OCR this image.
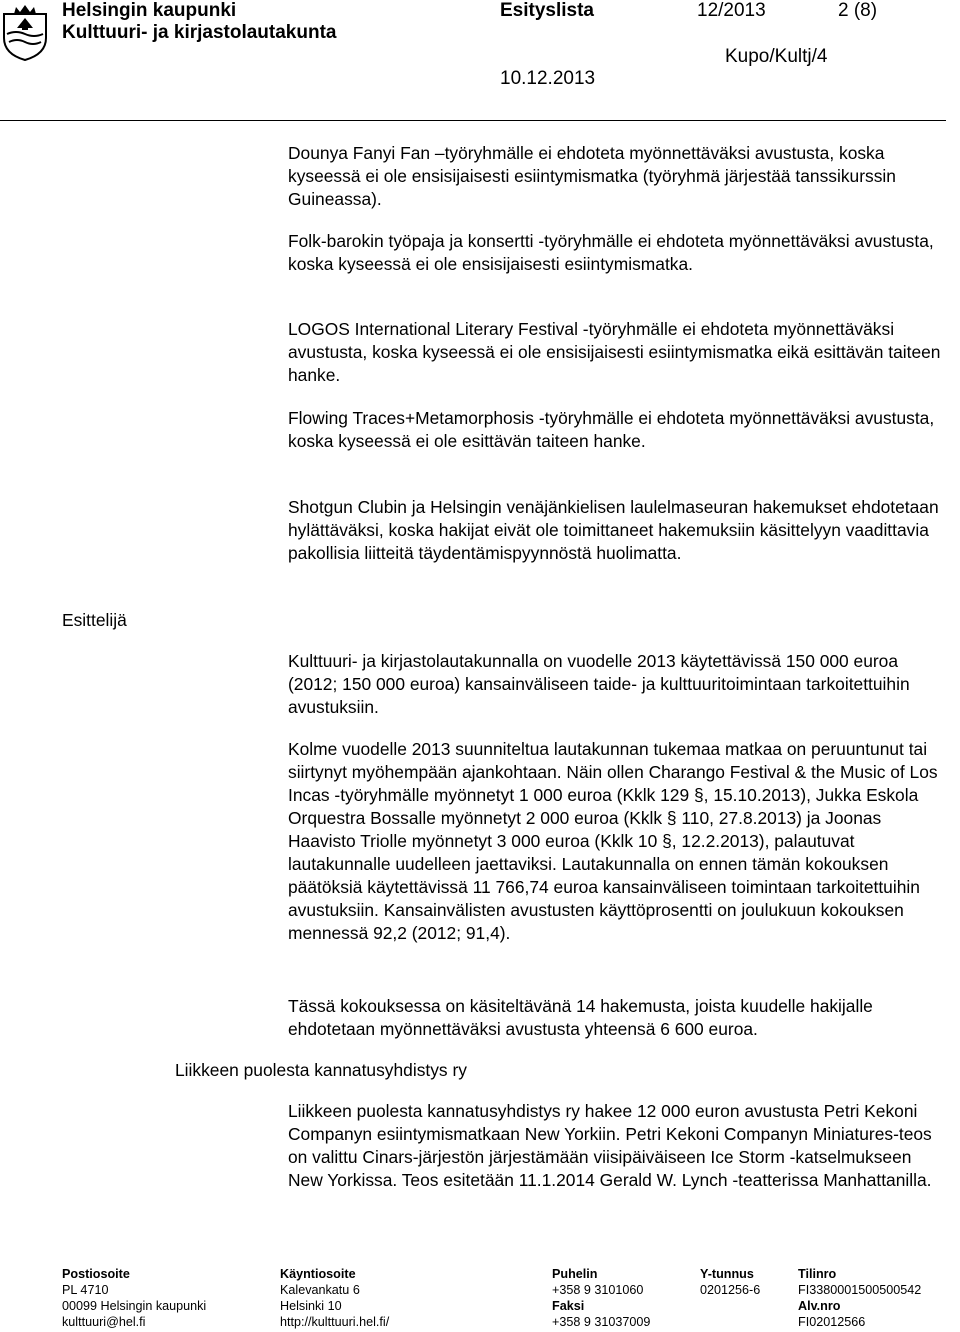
Helsingin kaupunki
Kulttuuri- ja kirjastolautakunta
Esityslista	12/2013	2 (8)
Kupo/Kultj/4
10.12.2013

Dounya Fanyi Fan –työryhmälle ei ehdoteta myönnettäväksi avustusta, koska kyseessä ei ole ensisijaisesti esiintymismatka (työryhmä järjestää tanssikurssin Guineassa).

Folk-barokin työpaja ja konsertti -työryhmälle ei ehdoteta myönnettäväksi avustusta, koska kyseessä ei ole ensisijaisesti esiintymismatka.

LOGOS International Literary Festival -työryhmälle ei ehdoteta myönnettäväksi avustusta, koska kyseessä ei ole ensisijaisesti esiintymismatka eikä esittävän taiteen hanke.

Flowing Traces+Metamorphosis -työryhmälle ei ehdoteta myönnettäväksi avustusta, koska kyseessä ei ole esittävän taiteen hanke.

Shotgun Clubin ja Helsingin venäjänkielisen laulelmaseuran hakemukset ehdotetaan hylättäväksi, koska hakijat eivät ole toimittaneet hakemuksiin käsittelyyn vaadittavia pakollisia liitteitä täydentämispyynnöstä huolimatta.

Esittelijä

Kulttuuri- ja kirjastolautakunnalla on vuodelle 2013 käytettävissä 150 000 euroa (2012; 150 000 euroa) kansainväliseen taide- ja kulttuuritoimintaan tarkoitettuihin avustuksiin.

Kolme vuodelle 2013 suunniteltua lautakunnan tukemaa matkaa on peruuntunut tai siirtynyt myöhempään ajankohtaan. Näin ollen Charango Festival & the Music of Los Incas -työryhmälle myönnetyt 1 000 euroa (Kklk 129 §, 15.10.2013), Jukka Eskola Orquestra Bossalle myönnetyt 2 000 euroa (Kklk § 110, 27.8.2013) ja Joonas Haavisto Triolle myönnetyt 3 000 euroa (Kklk 10 §, 12.2.2013), palautuvat lautakunnalle uudelleen jaettaviksi. Lautakunnalla on ennen tämän kokouksen päätöksiä käytettävissä 11 766,74 euroa kansainväliseen toimintaan tarkoitettuihin avustuksiin. Kansainvälisten avustusten käyttöprosentti on joulukuun kokouksen mennessä 92,2 (2012; 91,4).

Tässä kokouksessa on käsiteltävänä 14 hakemusta, joista kuudelle hakijalle ehdotetaan myönnettäväksi avustusta yhteensä 6 600 euroa.

Liikkeen puolesta kannatusyhdistys ry

Liikkeen puolesta kannatusyhdistys ry hakee 12 000 euron avustusta Petri Kekoni Companyn esiintymismatkaan New Yorkiin. Petri Kekoni Companyn Miniatures-teos on valittu Cinars-järjestön järjestämään viisipäiväiseen Ice Storm -katselmukseen New Yorkissa. Teos esitetään 11.1.2014 Gerald W. Lynch -teatterissa Manhattanilla.

Postiosoite
PL 4710
00099 Helsingin kaupunki
kulttuuri@hel.fi
Käyntiosoite
Kalevankatu 6
Helsinki 10
http://kulttuuri.hel.fi/
Puhelin
+358 9 3101060
Faksi
+358 9 31037009
Y-tunnus
0201256-6
Tilinro
FI3380001500500542
Alv.nro
FI02012566
